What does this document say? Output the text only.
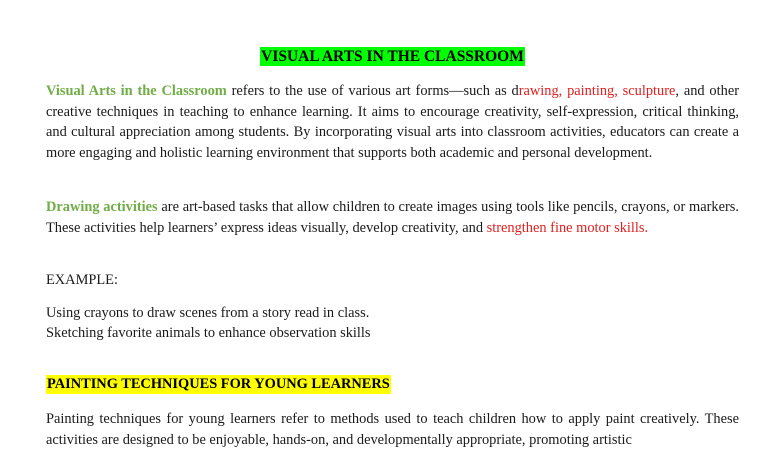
VISUAL ARTS IN THE CLASSROOM

Visual Arts in the Classroom refers to the use of various art forms—such as drawing, painting, sculpture, and other creative techniques in teaching to enhance learning. It aims to encourage creativity, self-expression, critical thinking, and cultural appreciation among students. By incorporating visual arts into classroom activities, educators can create a more engaging and holistic learning environment that supports both academic and personal development.

Drawing activities are art-based tasks that allow children to create images using tools like pencils, crayons, or markers. These activities help learners’ express ideas visually, develop creativity, and strengthen fine motor skills.

EXAMPLE:
Using crayons to draw scenes from a story read in class.
Sketching favorite animals to enhance observation skills
PAINTING TECHNIQUES FOR YOUNG LEARNERS

Painting techniques for young learners refer to methods used to teach children how to apply paint creatively. These activities are designed to be enjoyable, hands-on, and developmentally appropriate, promoting artistic
